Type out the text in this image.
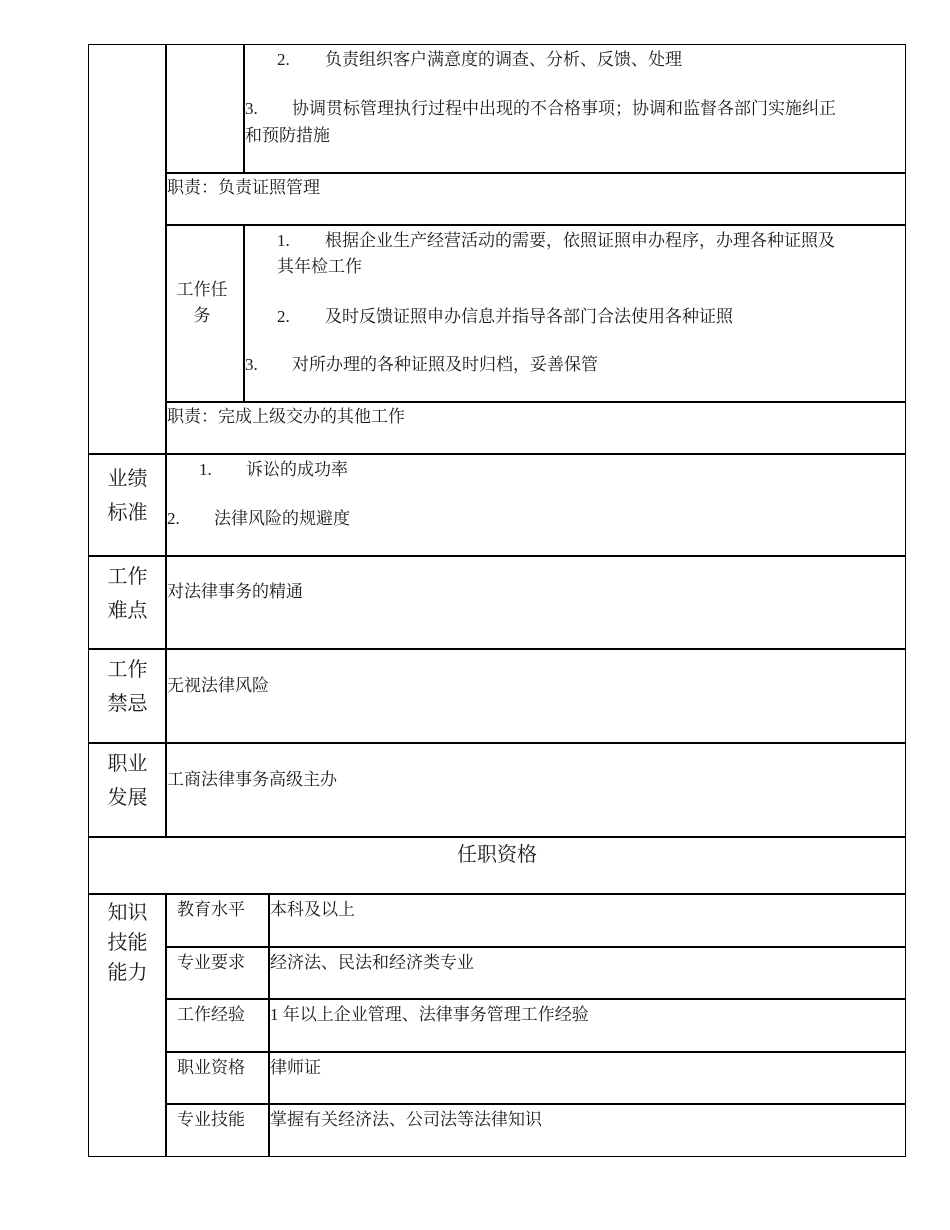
2. 负责组织客户满意度的调查、分析、反馈、处理
3. 协调贯标管理执行过程中出现的不合格事项；协调和监督各部门实施纠正
和预防措施
职责：负责证照管理
工作任
务
1. 根据企业生产经营活动的需要，依照证照申办程序，办理各种证照及
其年检工作
2. 及时反馈证照申办信息并指导各部门合法使用各种证照
3. 对所办理的各种证照及时归档，妥善保管
职责：完成上级交办的其他工作
业绩
标准
1. 诉讼的成功率
2. 法律风险的规避度
工作
难点
对法律事务的精通
工作
禁忌
无视法律风险
职业
发展
工商法律事务高级主办
任职资格
知识
技能
能力
教育水平 本科及以上
专业要求 经济法、民法和经济类专业
工作经验 1 年以上企业管理、法律事务管理工作经验
职业资格 律师证
专业技能 掌握有关经济法、公司法等法律知识
